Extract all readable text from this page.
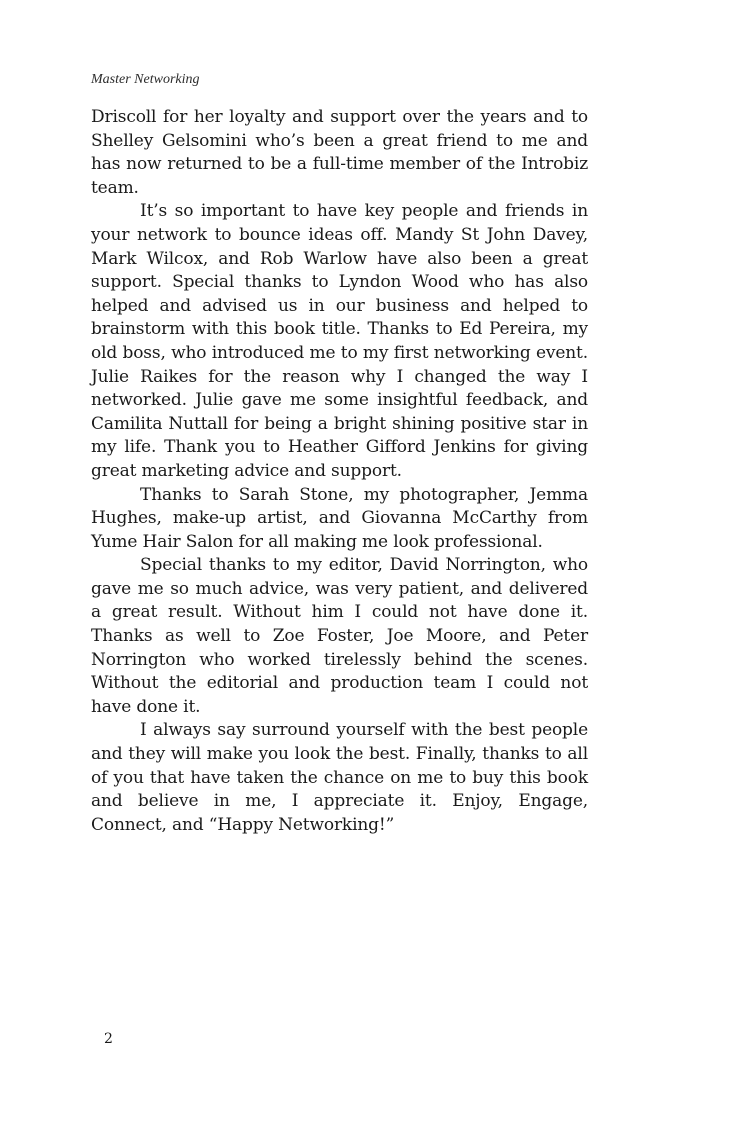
Master Networking

Driscoll for her loyalty and support over the years and to Shelley Gelsomini who’s been a great friend to me and has now returned to be a full-time member of the Introbiz team.

It’s so important to have key people and friends in your network to bounce ideas off. Mandy St John Davey, Mark Wilcox, and Rob Warlow have also been a great support. Special thanks to Lyndon Wood who has also helped and advised us in our business and helped to brainstorm with this book title. Thanks to Ed Pereira, my old boss, who introduced me to my first networking event. Julie Raikes for the reason why I changed the way I networked. Julie gave me some insightful feedback, and Camilita Nuttall for being a bright shining positive star in my life. Thank you to Heather Gifford Jenkins for giving great marketing advice and support.

Thanks to Sarah Stone, my photographer, Jemma Hughes, make-up artist, and Giovanna McCarthy from Yume Hair Salon for all making me look professional.

Special thanks to my editor, David Norrington, who gave me so much advice, was very patient, and delivered a great result. Without him I could not have done it. Thanks as well to Zoe Foster, Joe Moore, and Peter Norrington who worked tirelessly behind the scenes. Without the editorial and production team I could not have done it.

I always say surround yourself with the best people and they will make you look the best. Finally, thanks to all of you that have taken the chance on me to buy this book and believe in me, I appreciate it. Enjoy, Engage, Connect, and “Happy Networking!”

2
